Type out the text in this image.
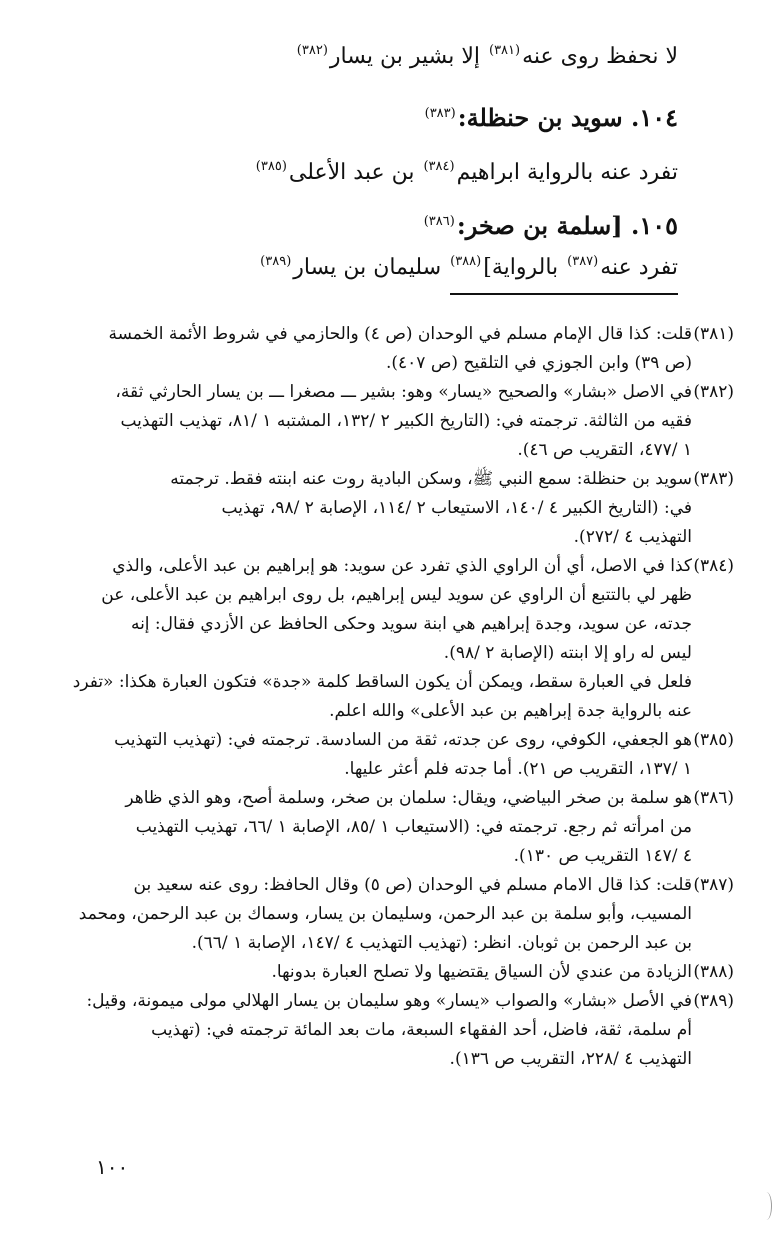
لا نحفظ روى عنه$^{(٣٨١)}$ إلا بشير بن يسار$^{(٣٨٢)}$
١٠٤. سويد بن حنظلة:$^{(٣٨٣)}$
تفرد عنه بالرواية ابراهيم$^{(٣٨٤)}$ بن عبد الأعلى$^{(٣٨٥)}$
١٠٥. [سلمة بن صخر:$^{(٣٨٦)}$
تفرد عنه$^{(٣٨٧)}$ بالرواية]$^{(٣٨٨)}$ سليمان بن يسار$^{(٣٨٩)}$
(٣٨١)
قلت: كذا قال الإمام مسلم في الوحدان (ص ٤) والحازمي في شروط الأئمة الخمسة
(ص ٣٩) وابن الجوزي في التلقيح (ص ٤٠٧).
(٣٨٢)
في الاصل «بشار» والصحيح «يسار» وهو: بشير ـــ مصغرا ـــ بن يسار الحارثي ثقة،
فقيه من الثالثة. ترجمته في: (التاريخ الكبير ٢ /١٣٢، المشتبه ١ /٨١، تهذيب التهذيب
١ /٤٧٧، التقريب ص ٤٦).
(٣٨٣)
سويد بن حنظلة: سمع النبي ﷺ، وسكن البادية روت عنه ابنته فقط. ترجمته
في: (التاريخ الكبير ٤ /١٤٠، الاستيعاب ٢ /١١٤، الإصابة ٢ /٩٨، تهذيب
التهذيب ٤ /٢٧٢).
(٣٨٤)
كذا في الاصل، أي أن الراوي الذي تفرد عن سويد: هو إبراهيم بن عبد الأعلى، والذي
ظهر لي بالتتبع أن الراوي عن سويد ليس إبراهيم، بل روى ابراهيم بن عبد الأعلى، عن
جدته، عن سويد، وجدة إبراهيم هي ابنة سويد وحكى الحافظ عن الأزدي فقال: إنه
ليس له راو إلا ابنته (الإصابة ٢ /٩٨).
فلعل في العبارة سقط، ويمكن أن يكون الساقط كلمة «جدة» فتكون العبارة هكذا: «تفرد
عنه بالرواية جدة إبراهيم بن عبد الأعلى» والله اعلم.
(٣٨٥)
هو الجعفي، الكوفي، روى عن جدته، ثقة من السادسة. ترجمته في: (تهذيب التهذيب
١ /١٣٧، التقريب ص ٢١). أما جدته فلم أعثر عليها.
(٣٨٦)
هو سلمة بن صخر البياضي، ويقال: سلمان بن صخر، وسلمة أصح، وهو الذي ظاهر
من امرأته ثم رجع. ترجمته في: (الاستيعاب ١ /٨٥، الإصابة ١ /٦٦، تهذيب التهذيب
٤ /١٤٧ التقريب ص ١٣٠).
(٣٨٧)
قلت: كذا قال الامام مسلم في الوحدان (ص ٥) وقال الحافظ: روى عنه سعيد بن
المسيب، وأبو سلمة بن عبد الرحمن، وسليمان بن يسار، وسماك بن عبد الرحمن، ومحمد
بن عبد الرحمن بن ثوبان. انظر: (تهذيب التهذيب ٤ /١٤٧، الإصابة ١ /٦٦).
(٣٨٨)
الزيادة من عندي لأن السياق يقتضيها ولا تصلح العبارة بدونها.
(٣٨٩)
في الأصل «بشار» والصواب «يسار» وهو سليمان بن يسار الهلالي مولى ميمونة، وقيل:
أم سلمة، ثقة، فاضل، أحد الفقهاء السبعة، مات بعد المائة ترجمته في: (تهذيب
التهذيب ٤ /٢٢٨، التقريب ص ١٣٦).
١٠٠
